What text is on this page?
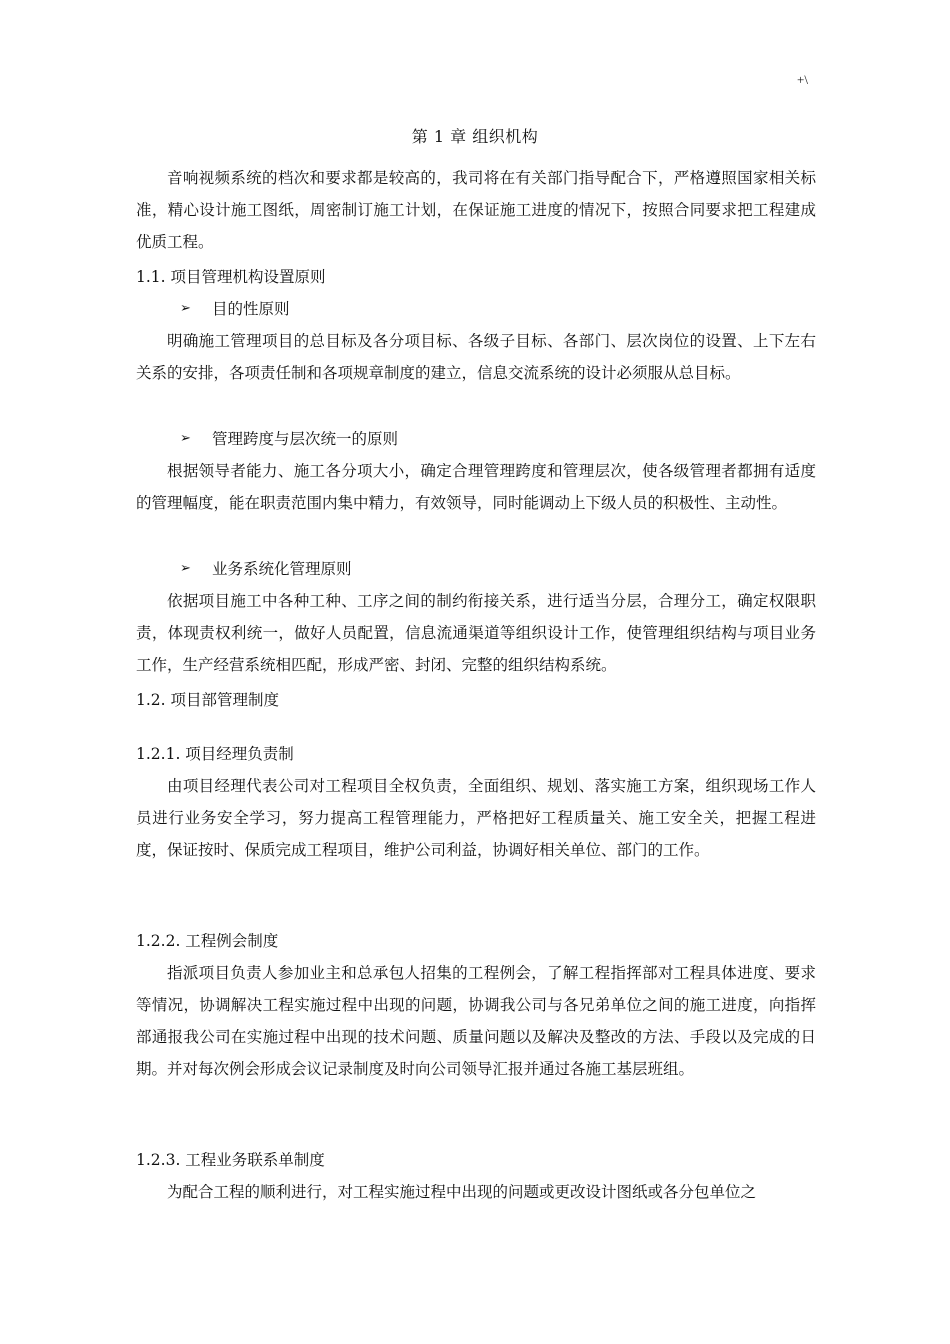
+\
第 1 章 组织机构

音响视频系统的档次和要求都是较高的，我司将在有关部门指导配合下，严格遵照国家相关标准，精心设计施工图纸，周密制订施工计划，在保证施工进度的情况下，按照合同要求把工程建成优质工程。

1.1. 项目管理机构设置原则

➢	目的性原则

明确施工管理项目的总目标及各分项目标、各级子目标、各部门、层次岗位的设置、上下左右关系的安排，各项责任制和各项规章制度的建立，信息交流系统的设计必须服从总目标。

➢	管理跨度与层次统一的原则

根据领导者能力、施工各分项大小，确定合理管理跨度和管理层次，使各级管理者都拥有适度的管理幅度，能在职责范围内集中精力，有效领导，同时能调动上下级人员的积极性、主动性。

➢	业务系统化管理原则

依据项目施工中各种工种、工序之间的制约衔接关系，进行适当分层，合理分工，确定权限职责，体现责权利统一，做好人员配置，信息流通渠道等组织设计工作，使管理组织结构与项目业务工作，生产经营系统相匹配，形成严密、封闭、完整的组织结构系统。

1.2. 项目部管理制度

1.2.1. 项目经理负责制

由项目经理代表公司对工程项目全权负责，全面组织、规划、落实施工方案，组织现场工作人员进行业务安全学习，努力提高工程管理能力，严格把好工程质量关、施工安全关，把握工程进度，保证按时、保质完成工程项目，维护公司利益，协调好相关单位、部门的工作。

1.2.2. 工程例会制度

指派项目负责人参加业主和总承包人招集的工程例会，了解工程指挥部对工程具体进度、要求等情况，协调解决工程实施过程中出现的问题，协调我公司与各兄弟单位之间的施工进度，向指挥部通报我公司在实施过程中出现的技术问题、质量问题以及解决及整改的方法、手段以及完成的日期。并对每次例会形成会议记录制度及时向公司领导汇报并通过各施工基层班组。

1.2.3. 工程业务联系单制度

为配合工程的顺利进行，对工程实施过程中出现的问题或更改设计图纸或各分包单位之
